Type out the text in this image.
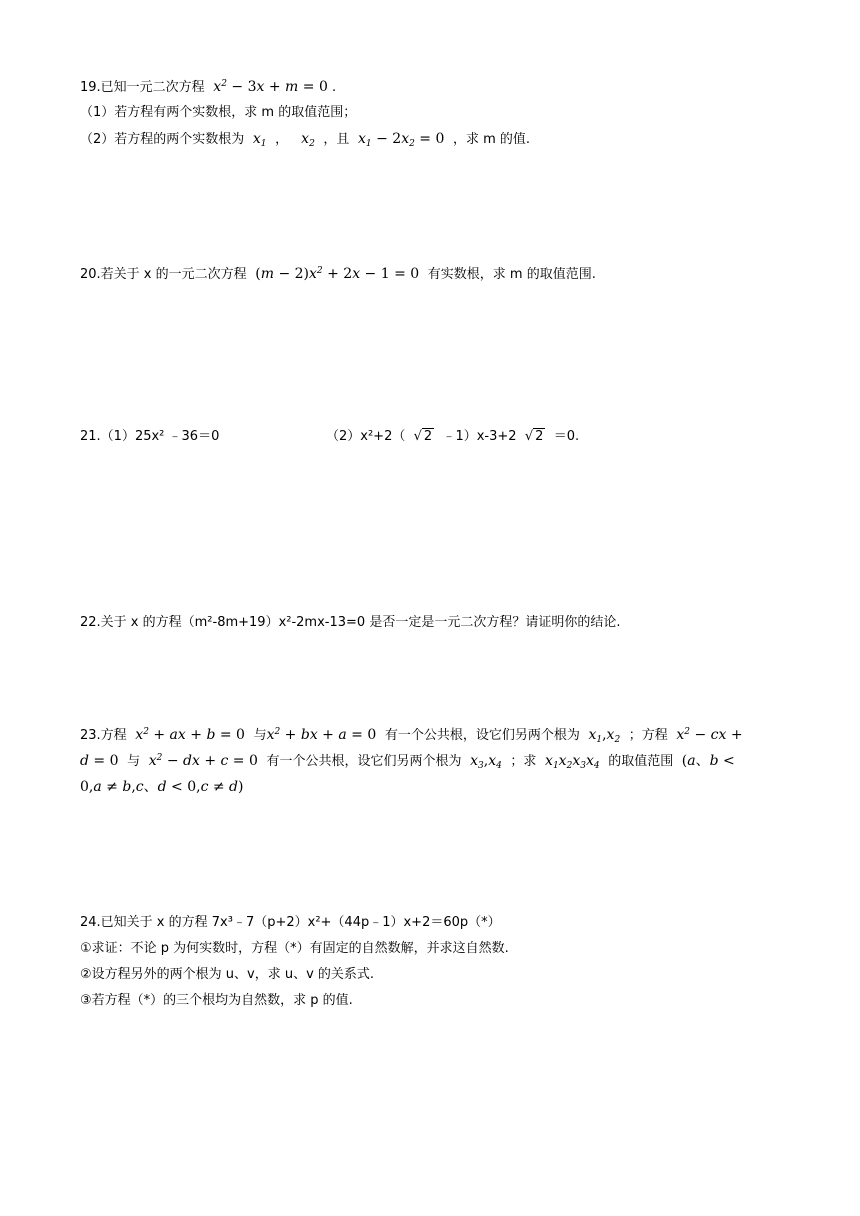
19.已知一元二次方程  $x^2 - 3x + m = 0$ .
（1）若方程有两个实数根，求 m 的取值范围；
（2）若方程的两个实数根为  $x_1$ ，   $x_2$ ，且  $x_1 - 2x_2 = 0$ ，求 m 的值.
20.若关于 x 的一元二次方程 $(m - 2)x^2 + 2x - 1 = 0$ 有实数根，求 m 的取值范围.
21.（1）25x² ﹣36＝0	（2）x²+2（  √ 2 ﹣1）x-3+2  √ 2 ＝0.
22.关于 x 的方程（m²-8m+19）x²-2mx-13=0 是否一定是一元二次方程？请证明你的结论.
23.方程  $x^2$ + ax + b = 0 与$x^2$ + bx + a = 0 有一个公共根，设它们另两个根为  $x_1,x_2$ ；方程  $x^2$ − cx +
d = 0 与  $x^2$ − dx + c = 0 有一个公共根，设它们另两个根为  $x_3,x_4$ ；求  $x_1x_2x_3x_4$ 的取值范围 (a、b <
0,a ≠ b,c、d < 0,c ≠ d)
24.已知关于 x 的方程 7x³﹣7（p+2）x²+（44p﹣1）x+2＝60p（*）
①求证：不论 p 为何实数时，方程（*）有固定的自然数解，并求这自然数.
②设方程另外的两个根为 u、v，求 u、v 的关系式.
③若方程（*）的三个根均为自然数，求 p 的值.
